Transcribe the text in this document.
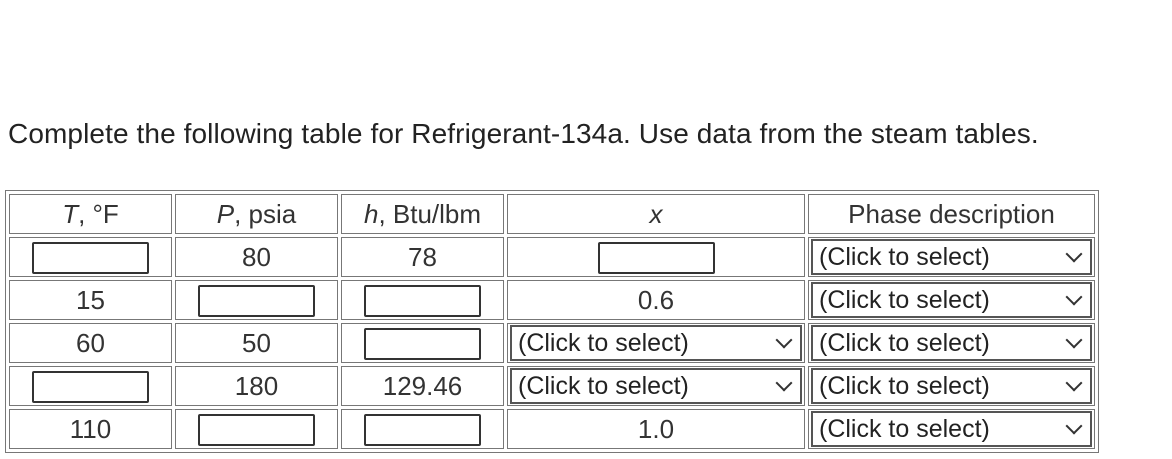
Complete the following table for Refrigerant-134a. Use data from the steam tables.
T, °F	P, psia	h, Btu/lbm	x	Phase description
	80	78		(Click to select)

15			0.6	(Click to select)

60	50		(Click to select)	(Click to select)

	180	129.46	(Click to select)	(Click to select)

110			1.0	(Click to select)
